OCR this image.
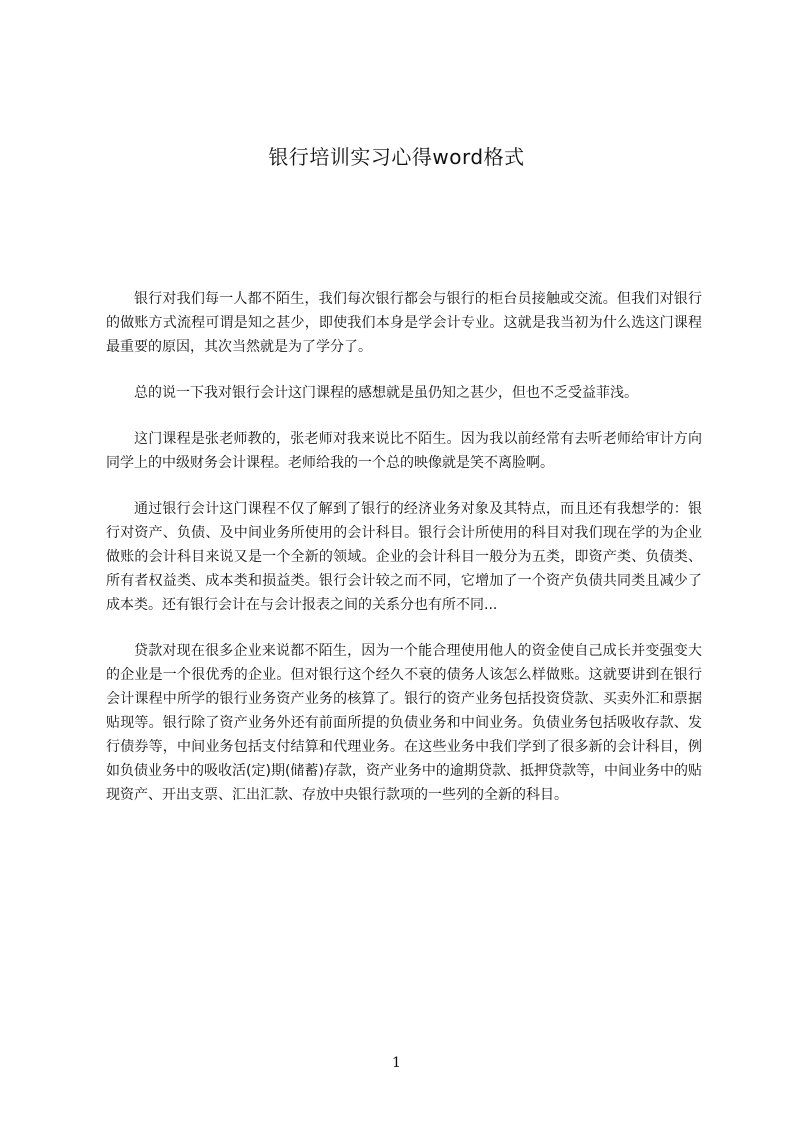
银行培训实习心得word格式

银行对我们每一人都不陌生，我们每次银行都会与银行的柜台员接触或交流。但我们对银行的做账方式流程可谓是知之甚少，即使我们本身是学会计专业。这就是我当初为什么选这门课程最重要的原因，其次当然就是为了学分了。

总的说一下我对银行会计这门课程的感想就是虽仍知之甚少，但也不乏受益菲浅。

这门课程是张老师教的，张老师对我来说比不陌生。因为我以前经常有去听老师给审计方向同学上的中级财务会计课程。老师给我的一个总的映像就是笑不离脸啊。

通过银行会计这门课程不仅了解到了银行的经济业务对象及其特点，而且还有我想学的：银行对资产、负债、及中间业务所使用的会计科目。银行会计所使用的科目对我们现在学的为企业做账的会计科目来说又是一个全新的领域。企业的会计科目一般分为五类，即资产类、负债类、所有者权益类、成本类和损益类。银行会计较之而不同，它增加了一个资产负债共同类且减少了成本类。还有银行会计在与会计报表之间的关系分也有所不同...

贷款对现在很多企业来说都不陌生，因为一个能合理使用他人的资金使自己成长并变强变大的企业是一个很优秀的企业。但对银行这个经久不衰的债务人该怎么样做账。这就要讲到在银行会计课程中所学的银行业务资产业务的核算了。银行的资产业务包括投资贷款、买卖外汇和票据贴现等。银行除了资产业务外还有前面所提的负债业务和中间业务。负债业务包括吸收存款、发行债券等，中间业务包括支付结算和代理业务。在这些业务中我们学到了很多新的会计科目，例如负债业务中的吸收活(定)期(储蓄)存款，资产业务中的逾期贷款、抵押贷款等，中间业务中的贴现资产、开出支票、汇出汇款、存放中央银行款项的一些列的全新的科目。

1
